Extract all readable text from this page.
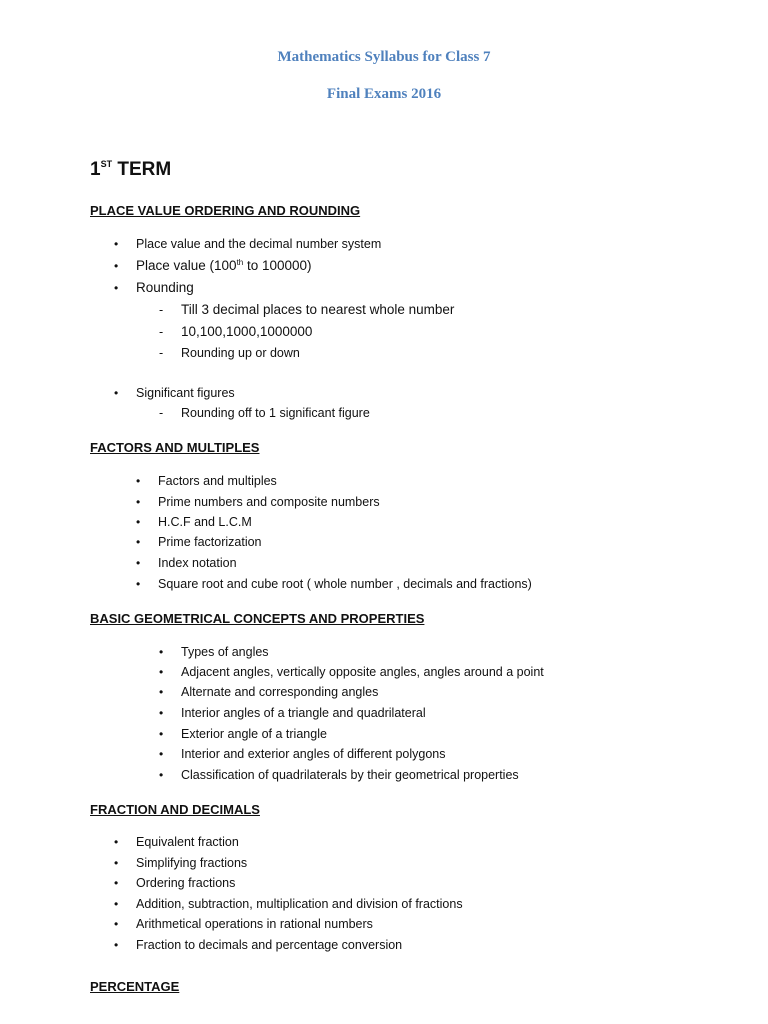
Mathematics Syllabus for Class 7
Final Exams 2016
1ST TERM
PLACE VALUE ORDERING AND ROUNDING
• Place value and the decimal number system
• Place value (100th to 100000)
• Rounding
- Till 3 decimal places to nearest whole number
- 10,100,1000,1000000
- Rounding up or down
• Significant figures
- Rounding off to 1 significant figure
FACTORS AND MULTIPLES
• Factors and multiples
• Prime numbers and composite numbers
• H.C.F and L.C.M
• Prime factorization
• Index notation
• Square root and cube root ( whole number , decimals and fractions)
BASIC GEOMETRICAL CONCEPTS AND PROPERTIES
• Types of angles
• Adjacent angles, vertically opposite angles, angles around a point
• Alternate and corresponding angles
• Interior angles of a triangle and quadrilateral
• Exterior angle of a triangle
• Interior and exterior angles of different polygons
• Classification of quadrilaterals by their geometrical properties
FRACTION AND DECIMALS
• Equivalent fraction
• Simplifying fractions
• Ordering fractions
• Addition, subtraction, multiplication and division of fractions
• Arithmetical operations in rational numbers
• Fraction to decimals and percentage conversion
PERCENTAGE
